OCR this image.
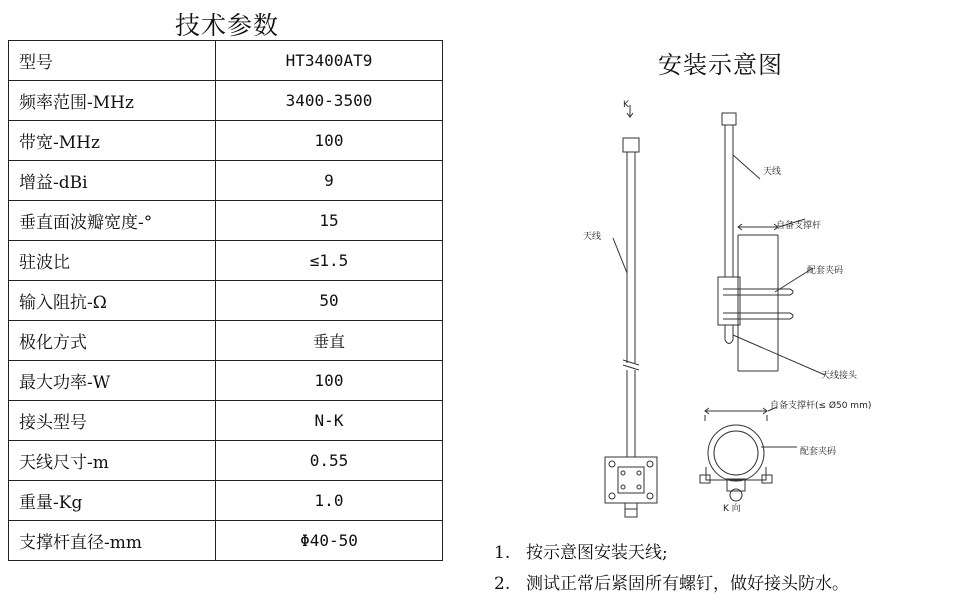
技术参数
安装示意图
型号	HT3400AT9
频率范围-MHz	3400-3500
带宽-MHz	100
增益-dBi	9
垂直面波瓣宽度-°	15
驻波比	≤1.5
输入阻抗-Ω	50
极化方式	垂直
最大功率-W	100
接头型号	N-K
天线尺寸-m	0.55
重量-Kg	1.0
支撑杆直径-mm	Φ40-50
K
天线
天线
自备支撑杆
配套夹码
天线接头
自备支撑杆(≤ Ø50 mm)
配套夹码
K 向
1. 按示意图安装天线;
2. 测试正常后紧固所有螺钉，做好接头防水。
